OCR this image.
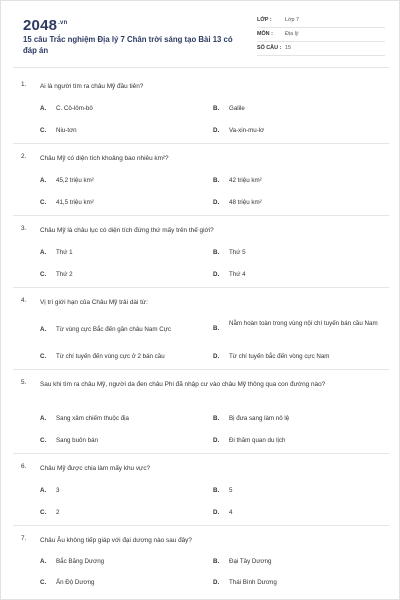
$2048^{.vn}$
15 câu Trắc nghiệm Địa lý 7 Chân trời sáng tạo Bài 13 có đáp án
LỚP : Lớp 7
MÔN : Địa lý
SỐ CÂU : 15
1. Ai là người tìm ra châu Mỹ đầu tiên?
A. C. Cô-lôm-bô	B. Galile
C. Niu-tơn	D. Va-xin-mu-lơ
2. Châu Mỹ có diện tích khoảng bao nhiêu km²?
A. 45,2 triệu km²	B. 42 triệu km²
C. 41,5 triệu km²	D. 48 triệu km²
3. Châu Mỹ là châu lục có diện tích đứng thứ mấy trên thế giới?
A. Thứ 1	B. Thứ 5
C. Thứ 2	D. Thứ 4
4. Vị trí giới hạn của Châu Mỹ trải dài từ:
A. Từ vùng cực Bắc đến gần châu Nam Cực	B.
Nằm hoàn toàn trong vùng nội chí tuyến bán cầu Nam
C. Từ chí tuyến đến vùng cực ở 2 bán cầu	D. Từ chí tuyến bắc đến vòng cực Nam
5. Sau khi tìm ra châu Mỹ, người da đen châu Phi đã nhập cư vào châu Mỹ thông qua con đường nào?
A. Sang xâm chiếm thuộc địa	B. Bị đưa sang làm nô lệ
C. Sang buôn bán	D. Đi thăm quan du lịch
6. Châu Mỹ được chia làm mấy khu vực?
A. 3	B. 5
C. 2	D. 4
7. Châu Âu không tiếp giáp với đại dương nào sau đây?
A. Bắc Băng Dương	B. Đại Tây Dương
C. Ấn Độ Dương	D. Thái Bình Dương
